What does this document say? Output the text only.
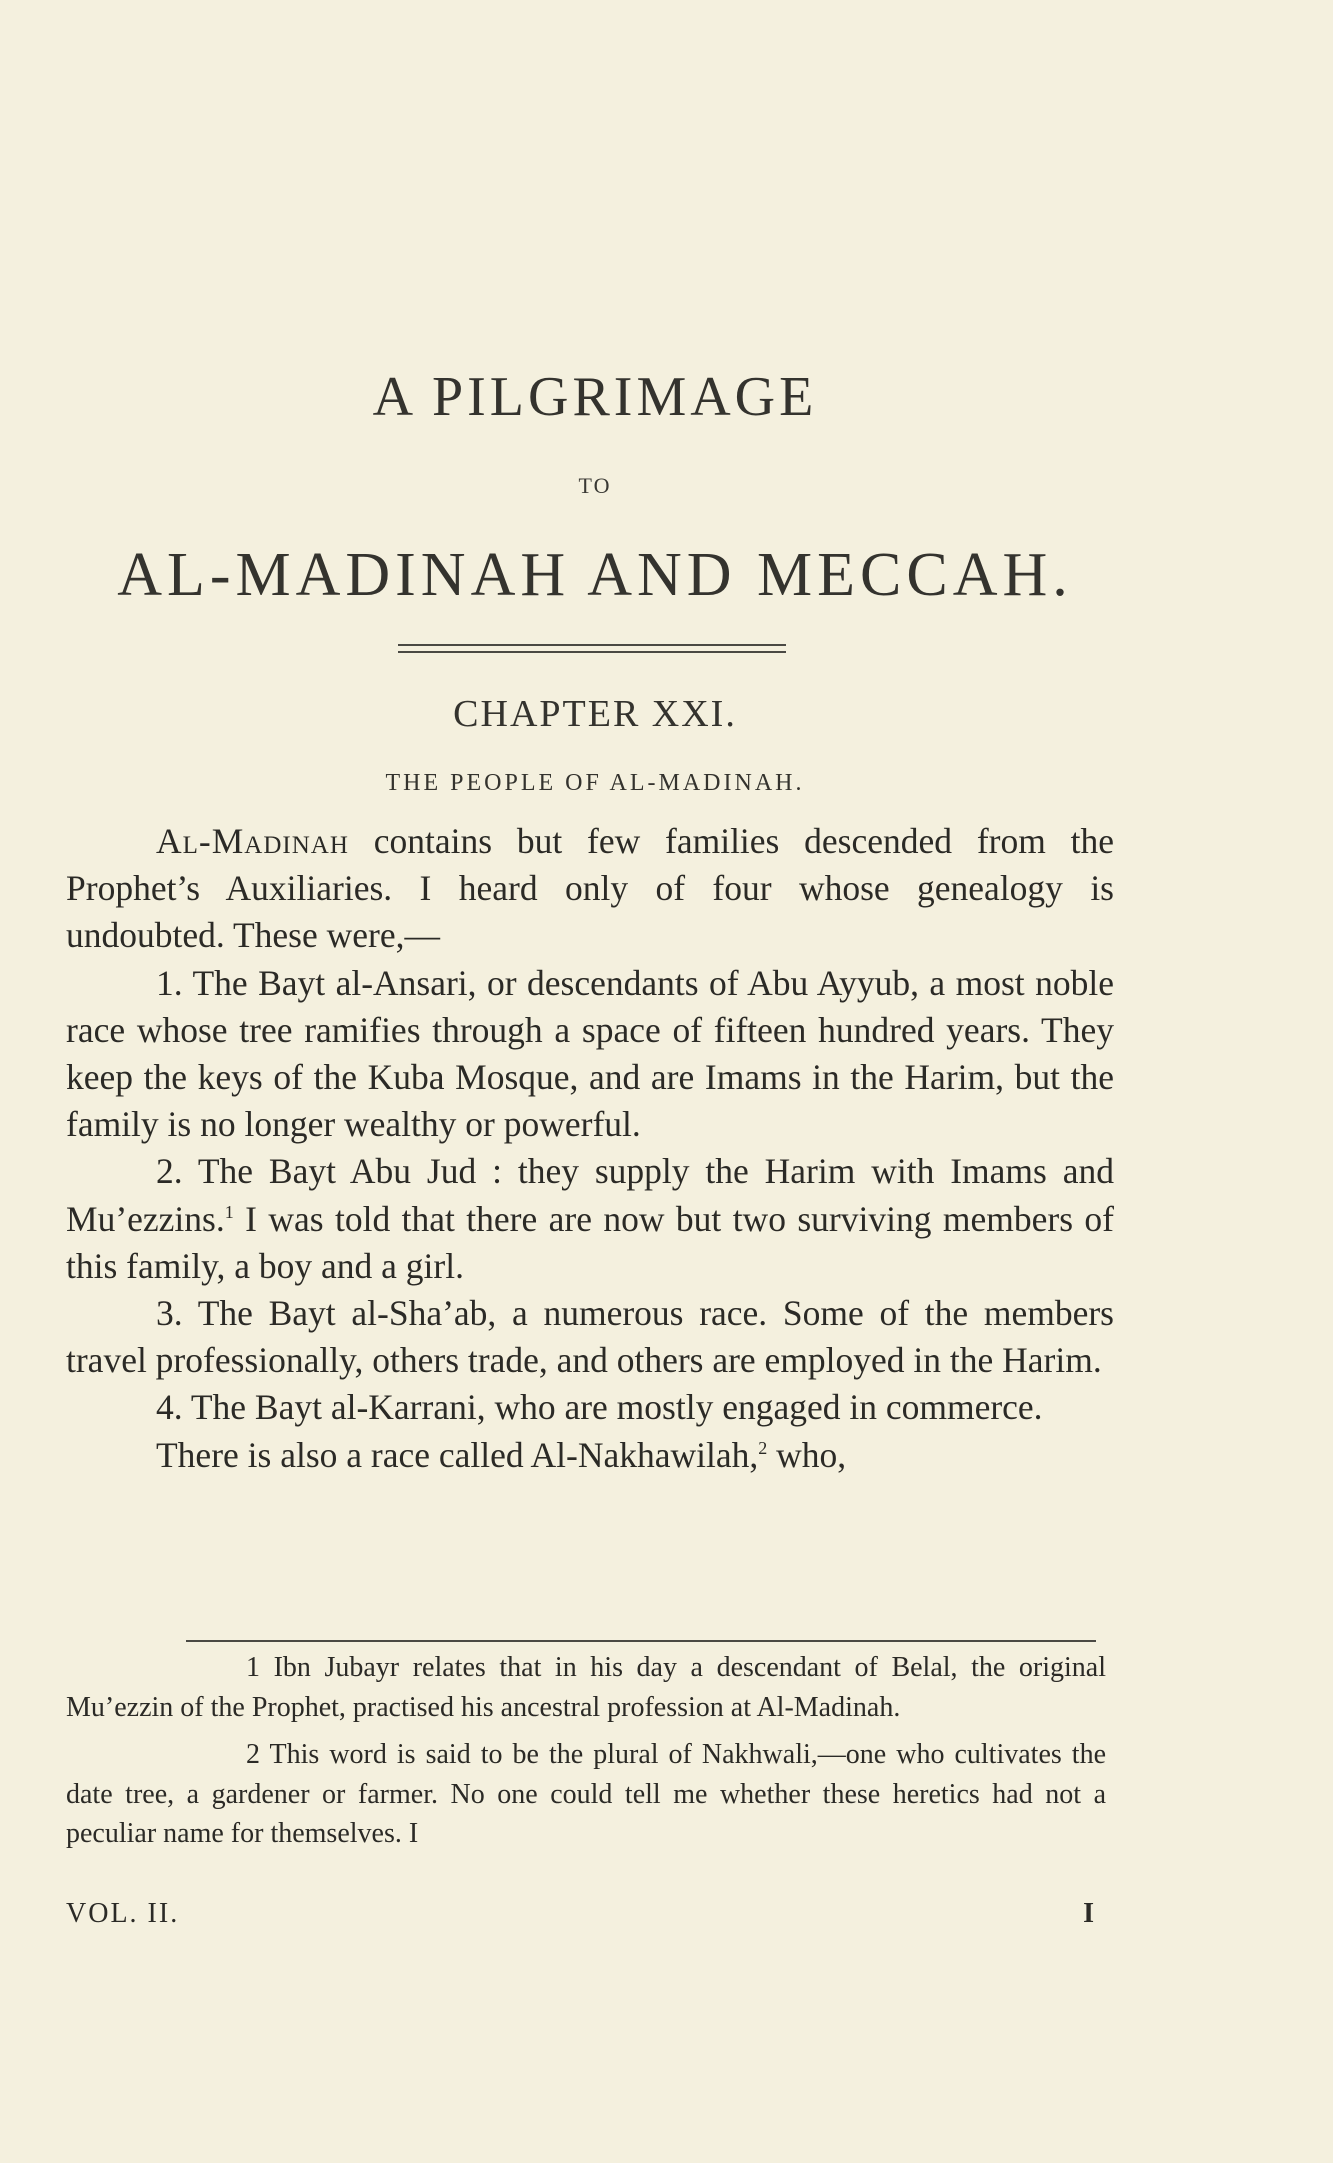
A PILGRIMAGE
TO
AL-MADINAH AND MECCAH.
CHAPTER XXI.
THE PEOPLE OF AL-MADINAH.

Al-Madinah contains but few families descended from the Prophet’s Auxiliaries. I heard only of four whose genealogy is undoubted. These were,—

1. The Bayt al-Ansari, or descendants of Abu Ayyub, a most noble race whose tree ramifies through a space of fifteen hundred years. They keep the keys of the Kuba Mosque, and are Imams in the Harim, but the family is no longer wealthy or powerful.

2. The Bayt Abu Jud : they supply the Harim with Imams and Mu’ezzins.$^1$ I was told that there are now but two surviving members of this family, a boy and a girl.

3. The Bayt al-Sha’ab, a numerous race. Some of the members travel professionally, others trade, and others are employed in the Harim.

4. The Bayt al-Karrani, who are mostly engaged in commerce.

There is also a race called Al-Nakhawilah,$^2$ who,

1 Ibn Jubayr relates that in his day a descendant of Belal, the original Mu’ezzin of the Prophet, practised his ancestral profession at Al-Madinah.

2 This word is said to be the plural of Nakhwali,—one who cultivates the date tree, a gardener or farmer. No one could tell me whether these heretics had not a peculiar name for themselves. I

VOL. II.	I
